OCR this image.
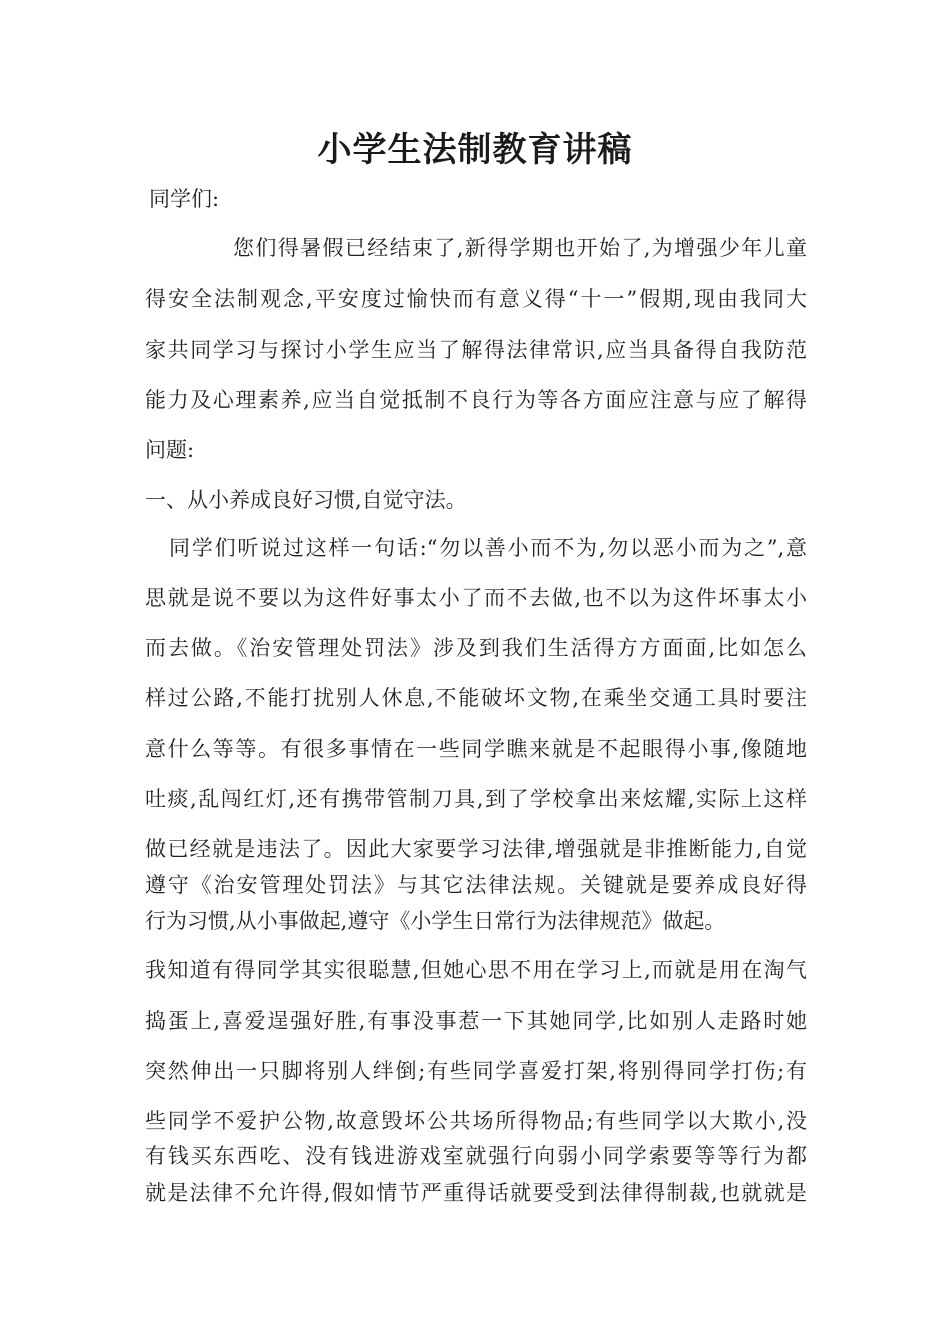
小学生法制教育讲稿
同学们:
您们得暑假已经结束了,新得学期也开始了,为增强少年儿童
得安全法制观念,平安度过愉快而有意义得“十一”假期,现由我同大
家共同学习与探讨小学生应当了解得法律常识,应当具备得自我防范
能力及心理素养,应当自觉抵制不良行为等各方面应注意与应了解得
问题:
一、从小养成良好习惯,自觉守法。
同学们听说过这样一句话:“勿以善小而不为,勿以恶小而为之”,意
思就是说不要以为这件好事太小了而不去做,也不以为这件坏事太小
而去做。《治安管理处罚法》涉及到我们生活得方方面面,比如怎么
样过公路,不能打扰别人休息,不能破坏文物,在乘坐交通工具时要注
意什么等等。有很多事情在一些同学瞧来就是不起眼得小事,像随地
吐痰,乱闯红灯,还有携带管制刀具,到了学校拿出来炫耀,实际上这样
做已经就是违法了。因此大家要学习法律,增强就是非推断能力,自觉
遵守《治安管理处罚法》与其它法律法规。关键就是要养成良好得
行为习惯,从小事做起,遵守《小学生日常行为法律规范》做起。
我知道有得同学其实很聪慧,但她心思不用在学习上,而就是用在淘气
捣蛋上,喜爱逞强好胜,有事没事惹一下其她同学,比如别人走路时她
突然伸出一只脚将别人绊倒;有些同学喜爱打架,将别得同学打伤;有
些同学不爱护公物,故意毁坏公共场所得物品;有些同学以大欺小,没
有钱买东西吃、没有钱进游戏室就强行向弱小同学索要等等行为都
就是法律不允许得,假如情节严重得话就要受到法律得制裁,也就就是
